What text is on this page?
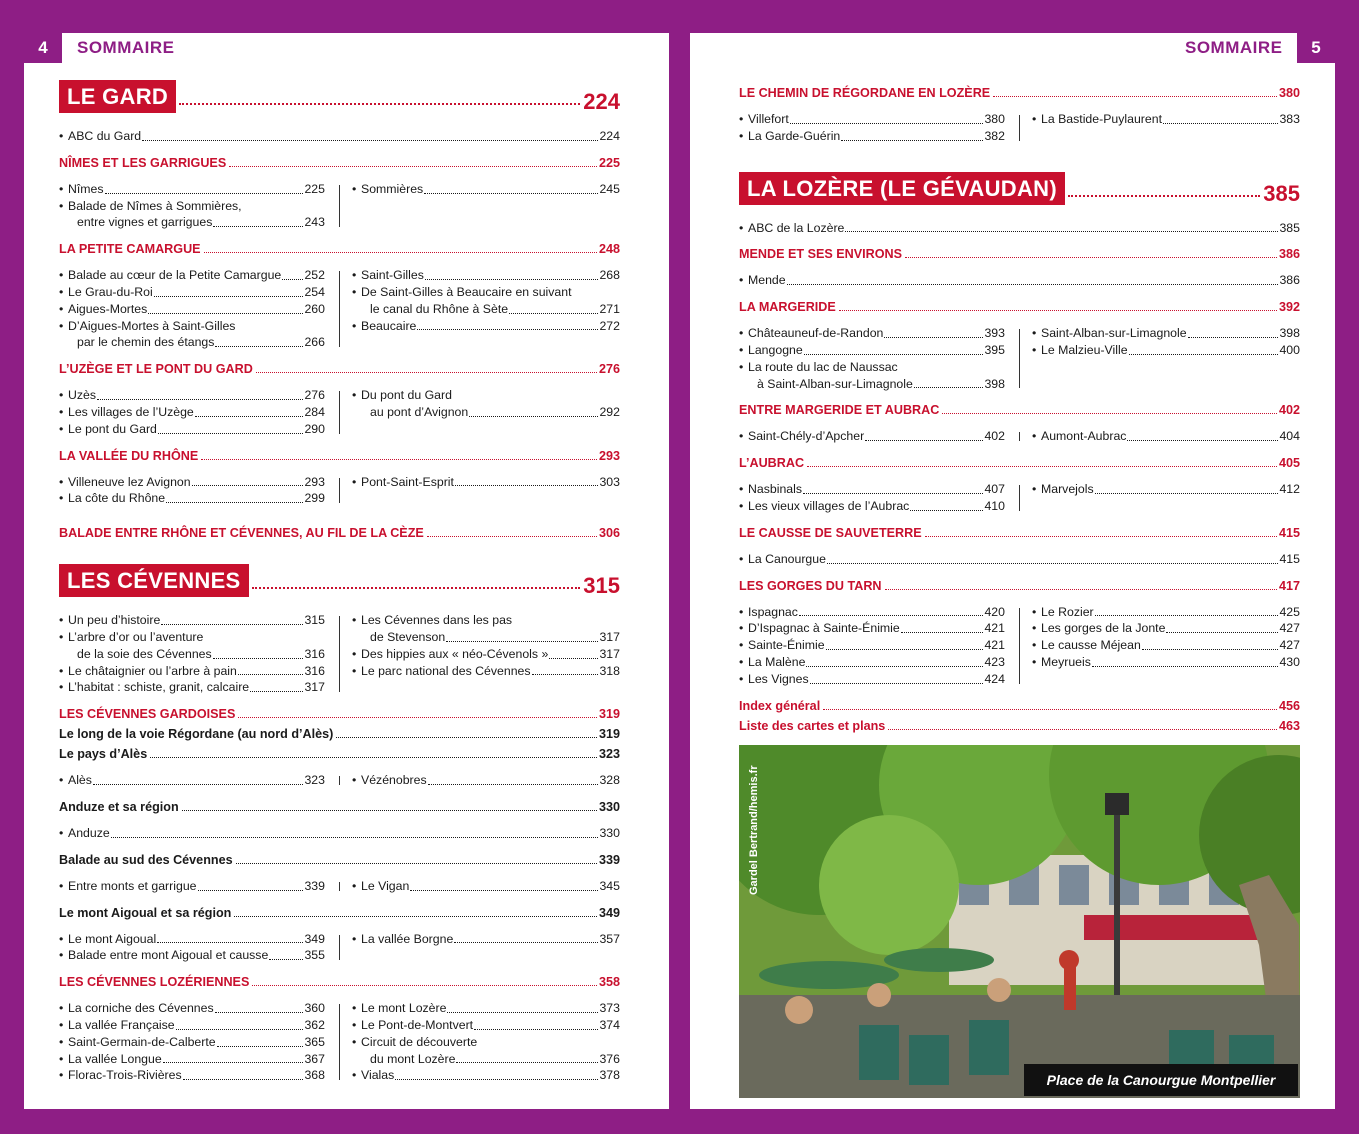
4	SOMMAIRE	SOMMAIRE	5
LE GARD	224
• ABC du Gard	224
NÎMES ET LES GARRIGUES	225
• Nîmes	225
• Balade de Nîmes à Sommières,
entre vignes et garrigues	243
• Sommières	245
LA PETITE CAMARGUE	248
• Balade au cœur de la Petite Camargue 252
• Le Grau-du-Roi	254
• Aigues-Mortes	260
• D’Aigues-Mortes à Saint-Gilles
par le chemin des étangs	266
• Saint-Gilles	268
• De Saint-Gilles à Beaucaire en suivant
le canal du Rhône à Sète	271
• Beaucaire	272
L’UZÈGE ET LE PONT DU GARD	276
• Uzès	276
• Les villages de l’Uzège	284
• Le pont du Gard	290
• Du pont du Gard
au pont d’Avignon	292
LA VALLÉE DU RHÔNE	293
• Villeneuve lez Avignon	293
• La côte du Rhône	299
• Pont-Saint-Esprit	303
BALADE ENTRE RHÔNE ET CÉVENNES, AU FIL DE LA CÈZE	306
LES CÉVENNES	315
• Un peu d’histoire	315
• L’arbre d’or ou l’aventure
de la soie des Cévennes	316
• Le châtaignier ou l’arbre à pain	316
• L’habitat : schiste, granit, calcaire	317
• Les Cévennes dans les pas
de Stevenson	317
• Des hippies aux « néo-Cévenols »	317
• Le parc national des Cévennes	318
LES CÉVENNES GARDOISES	319
Le long de la voie Régordane (au nord d’Alès)	319
Le pays d’Alès	323
• Alès	323 • Vézénobres	328
Anduze et sa région	330
• Anduze	330
Balade au sud des Cévennes	339
• Entre monts et garrigue	339 • Le Vigan	345
Le mont Aigoual et sa région	349
• Le mont Aigoual	349
• Balade entre mont Aigoual et causse	355
• La vallée Borgne	357
LES CÉVENNES LOZÉRIENNES	358
• La corniche des Cévennes	360
• La vallée Française	362
• Saint-Germain-de-Calberte	365
• La vallée Longue	367
• Florac-Trois-Rivières	368
• Le mont Lozère	373
• Le Pont-de-Montvert	374
• Circuit de découverte
du mont Lozère	376
• Vialas	378
LE CHEMIN DE RÉGORDANE EN LOZÈRE	380
• Villefort	380
• La Garde-Guérin	382
• La Bastide-Puylaurent	383
LA LOZÈRE (LE GÉVAUDAN)	385
• ABC de la Lozère	385
MENDE ET SES ENVIRONS	386
• Mende	386
LA MARGERIDE	392
• Châteauneuf-de-Randon	393
• Langogne	395
• La route du lac de Naussac
à Saint-Alban-sur-Limagnole	398
• Saint-Alban-sur-Limagnole	398
• Le Malzieu-Ville	400
ENTRE MARGERIDE ET AUBRAC	402
• Saint-Chély-d’Apcher	402 • Aumont-Aubrac	404
L’AUBRAC	405
• Nasbinals	407
• Les vieux villages de l’Aubrac	410
• Marvejols	412
LE CAUSSE DE SAUVETERRE	415
• La Canourgue	415
LES GORGES DU TARN	417
• Ispagnac	420
• D’Ispagnac à Sainte-Énimie	421
• Sainte-Énimie	421
• La Malène	423
• Les Vignes	424
• Le Rozier	425
• Les gorges de la Jonte	427
• Le causse Méjean	427
• Meyrueis	430
Index général	456
Liste des cartes et plans	463
Gardel Bertrand/hemis.fr
Place de la Canourgue Montpellier
